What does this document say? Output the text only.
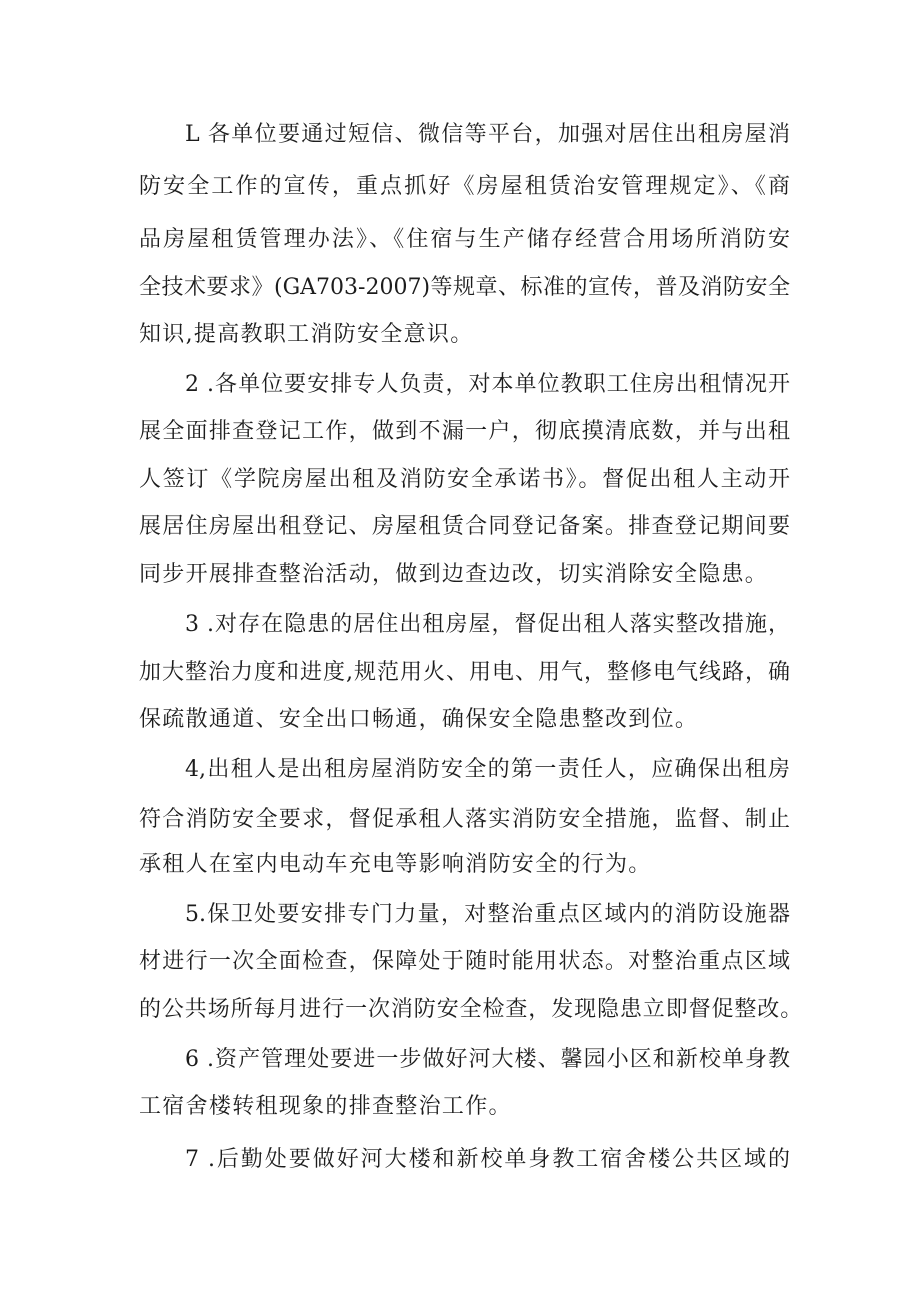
L 各单位要通过短信、微信等平台，加强对居住出租房屋消
防安全工作的宣传，重点抓好《房屋租赁治安管理规定》、《商
品房屋租赁管理办法》、《住宿与生产储存经营合用场所消防安
全技术要求》(GA703-2007)等规章、标准的宣传，普及消防安全
知识,提高教职工消防安全意识。
2 .各单位要安排专人负责，对本单位教职工住房出租情况开
展全面排查登记工作，做到不漏一户，彻底摸清底数，并与出租
人签订《学院房屋出租及消防安全承诺书》。督促出租人主动开
展居住房屋出租登记、房屋租赁合同登记备案。排查登记期间要
同步开展排查整治活动，做到边查边改，切实消除安全隐患。
3 .对存在隐患的居住出租房屋，督促出租人落实整改措施，
加大整治力度和进度,规范用火、用电、用气，整修电气线路，确
保疏散通道、安全出口畅通，确保安全隐患整改到位。
4,出租人是出租房屋消防安全的第一责任人，应确保出租房
符合消防安全要求，督促承租人落实消防安全措施，监督、制止
承租人在室内电动车充电等影响消防安全的行为。
5.保卫处要安排专门力量，对整治重点区域内的消防设施器
材进行一次全面检查，保障处于随时能用状态。对整治重点区域
的公共场所每月进行一次消防安全检查，发现隐患立即督促整改。
6 .资产管理处要进一步做好河大楼、馨园小区和新校单身教
工宿舍楼转租现象的排查整治工作。
7 .后勤处要做好河大楼和新校单身教工宿舍楼公共区域的
